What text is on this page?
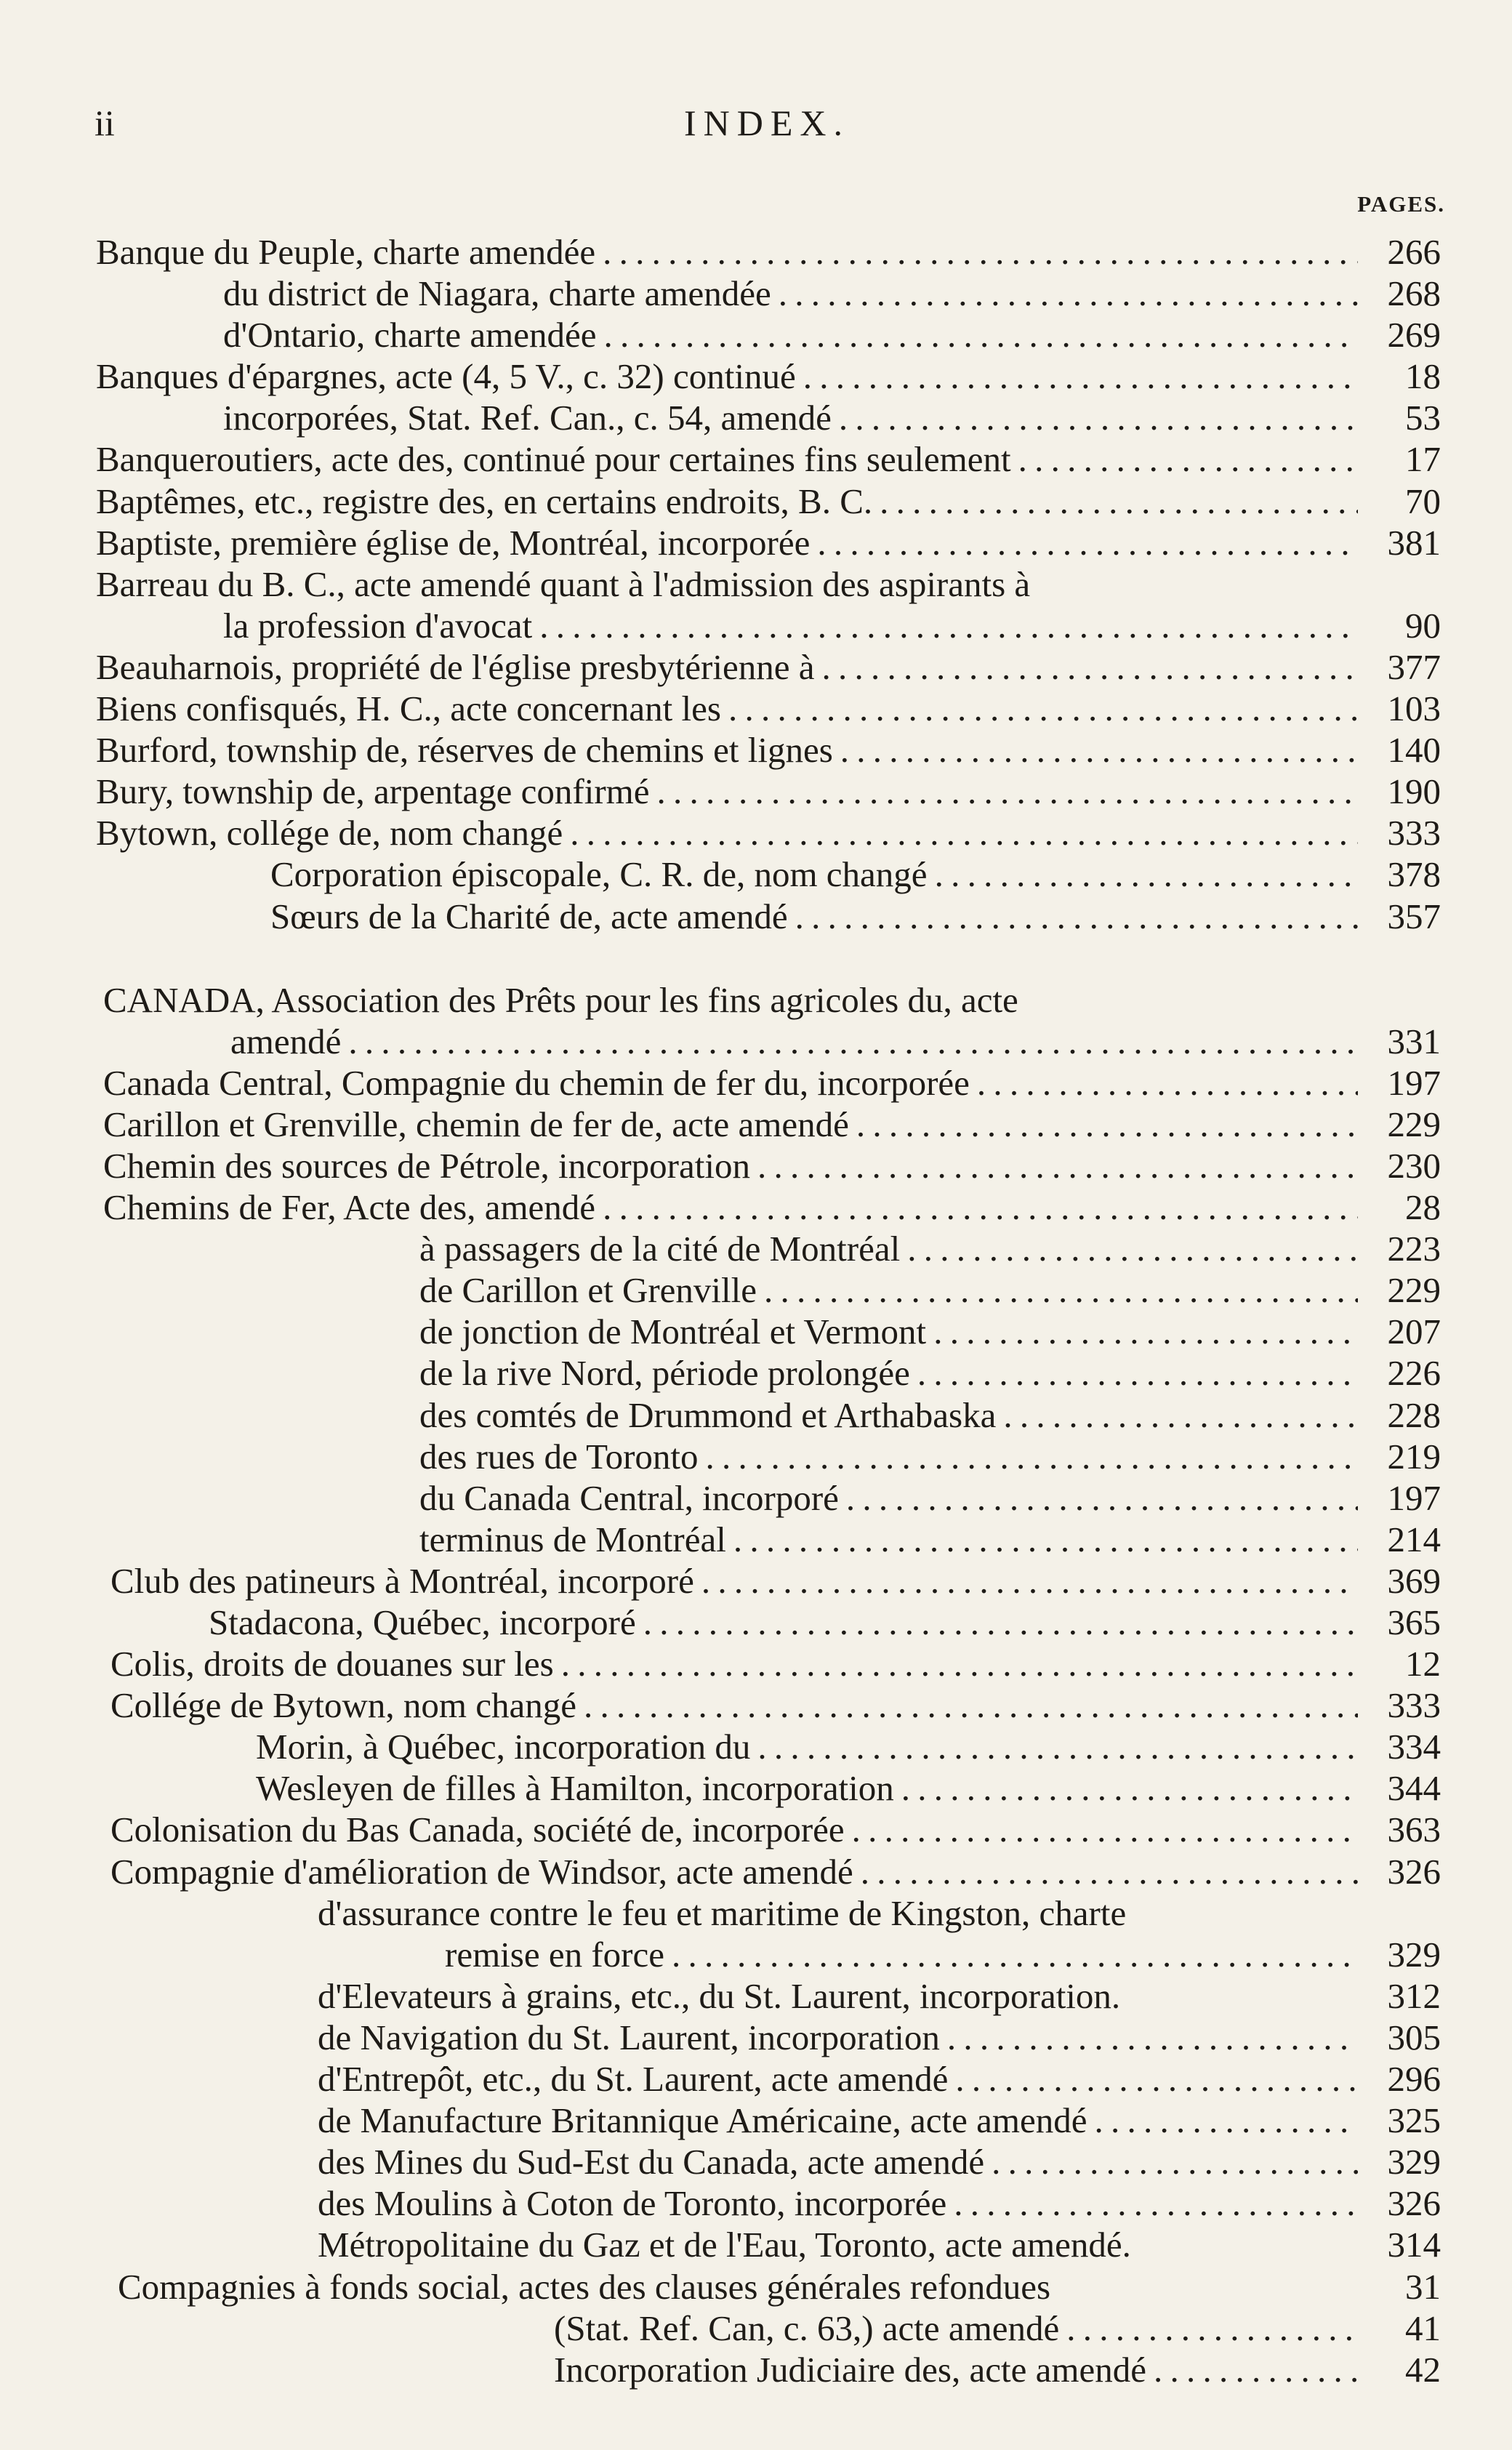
ii	INDEX.
PAGES.
Banque du Peuple, charte amendée . . .	266
du district de Niagara, charte amendée . . .	268
d'Ontario, charte amendée . . .	269
Banques d'épargnes, acte (4, 5 V., c. 32) continué . . .	18
incorporées, Stat. Ref. Can., c. 54, amendé . . .	53
Banqueroutiers, acte des, continué pour certaines fins seulement . . .	17
Baptêmes, etc., registre des, en certains endroits, B. C. . . .	70
Baptiste, première église de, Montréal, incorporée . . .	381
Barreau du B. C., acte amendé quant à l'admission des aspirants à
la profession d'avocat . . .	90
Beauharnois, propriété de l'église presbytérienne à . . .	377
Biens confisqués, H. C., acte concernant les . . .	103
Burford, township de, réserves de chemins et lignes . . .	140
Bury, township de, arpentage confirmé . . .	190
Bytown, collége de, nom changé . . .	333
Corporation épiscopale, C. R. de, nom changé . . .	378
Sœurs de la Charité de, acte amendé . . .	357
CANADA, Association des Prêts pour les fins agricoles du, acte
amendé . . .	331
Canada Central, Compagnie du chemin de fer du, incorporée . . .	197
Carillon et Grenville, chemin de fer de, acte amendé . . .	229
Chemin des sources de Pétrole, incorporation . . .	230
Chemins de Fer, Acte des, amendé . . .	28
à passagers de la cité de Montréal . . .	223
de Carillon et Grenville . . .	229
de jonction de Montréal et Vermont . . .	207
de la rive Nord, période prolongée . . .	226
des comtés de Drummond et Arthabaska . . .	228
des rues de Toronto . . .	219
du Canada Central, incorporé . . .	197
terminus de Montréal . . .	214
Club des patineurs à Montréal, incorporé . . .	369
Stadacona, Québec, incorporé . . .	365
Colis, droits de douanes sur les . . .	12
Collége de Bytown, nom changé . . .	333
Morin, à Québec, incorporation du . . .	334
Wesleyen de filles à Hamilton, incorporation . . .	344
Colonisation du Bas Canada, société de, incorporée . . .	363
Compagnie d'amélioration de Windsor, acte amendé . . .	326
d'assurance contre le feu et maritime de Kingston, charte
remise en force . . .	329
d'Elevateurs à grains, etc., du St. Laurent, incorporation.	312
de Navigation du St. Laurent, incorporation . . .	305
d'Entrepôt, etc., du St. Laurent, acte amendé . . .	296
de Manufacture Britannique Américaine, acte amendé . . .	325
des Mines du Sud-Est du Canada, acte amendé . . .	329
des Moulins à Coton de Toronto, incorporée . . .	326
Métropolitaine du Gaz et de l'Eau, Toronto, acte amendé.	314
Compagnies à fonds social, actes des clauses générales refondues	31
(Stat. Ref. Can, c. 63,) acte amendé . . .	41
Incorporation Judiciaire des, acte amendé . . .	42
